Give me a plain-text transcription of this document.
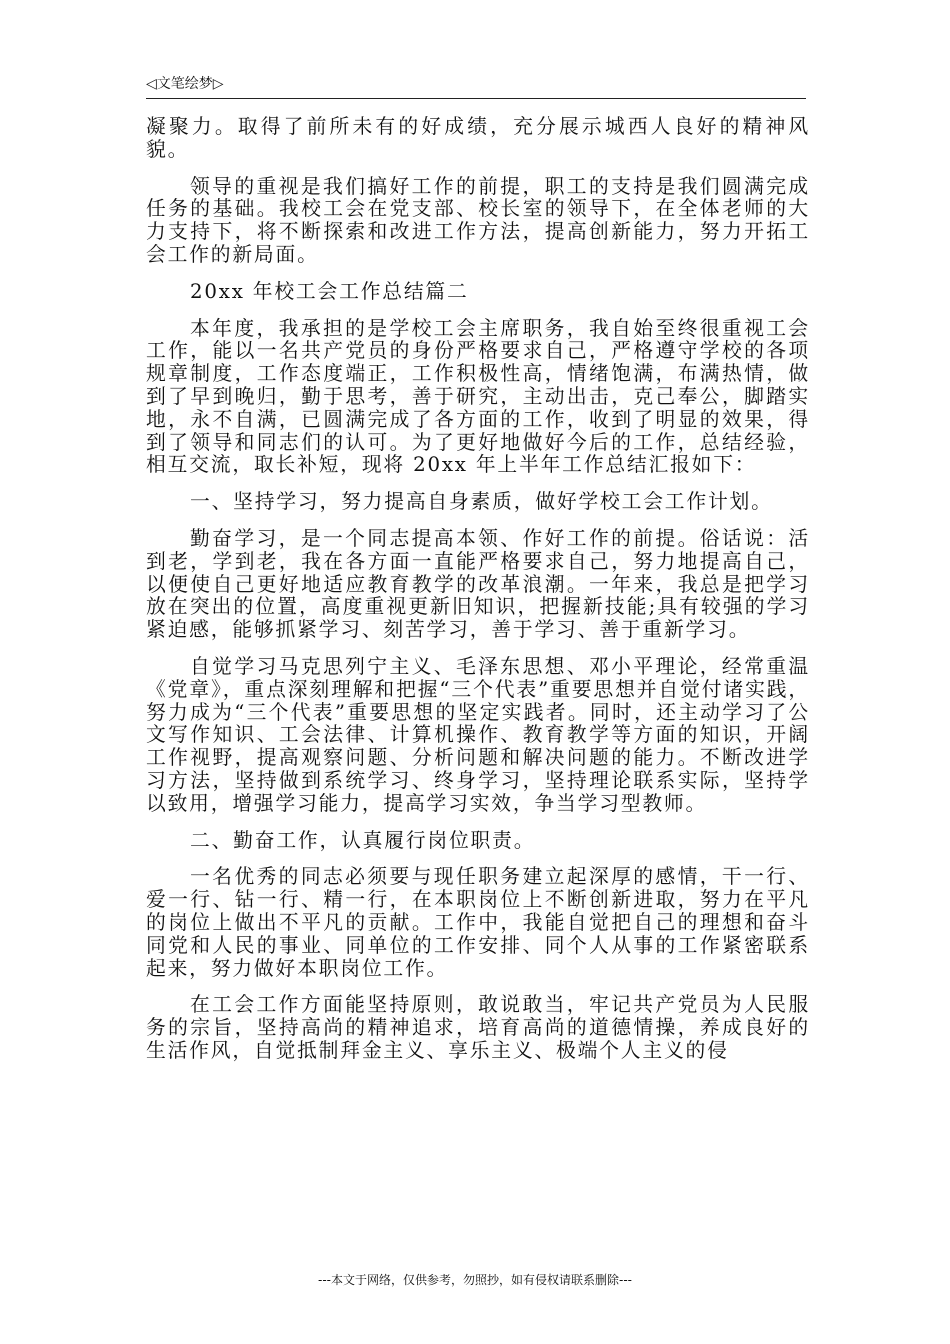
◁文笔绘梦▷

凝聚力。取得了前所未有的好成绩，充分展示城西人良好的精神风貌。

领导的重视是我们搞好工作的前提，职工的支持是我们圆满完成任务的基础。我校工会在党支部、校长室的领导下，在全体老师的大力支持下，将不断探索和改进工作方法，提高创新能力，努力开拓工会工作的新局面。

20xx 年校工会工作总结篇二

本年度，我承担的是学校工会主席职务，我自始至终很重视工会工作，能以一名共产党员的身份严格要求自己，严格遵守学校的各项规章制度，工作态度端正，工作积极性高，情绪饱满，布满热情，做到了早到晚归，勤于思考，善于研究，主动出击，克己奉公，脚踏实地，永不自满，已圆满完成了各方面的工作，收到了明显的效果，得到了领导和同志们的认可。为了更好地做好今后的工作，总结经验，相互交流，取长补短，现将 20xx 年上半年工作总结汇报如下：

一、坚持学习，努力提高自身素质，做好学校工会工作计划。

勤奋学习，是一个同志提高本领、作好工作的前提。俗话说：活到老，学到老，我在各方面一直能严格要求自己，努力地提高自己，以便使自己更好地适应教育教学的改革浪潮。一年来，我总是把学习放在突出的位置，高度重视更新旧知识，把握新技能;具有较强的学习紧迫感，能够抓紧学习、刻苦学习，善于学习、善于重新学习。

自觉学习马克思列宁主义、毛泽东思想、邓小平理论，经常重温《党章》，重点深刻理解和把握“三个代表”重要思想并自觉付诸实践，努力成为“三个代表”重要思想的坚定实践者。同时，还主动学习了公文写作知识、工会法律、计算机操作、教育教学等方面的知识，开阔工作视野，提高观察问题、分析问题和解决问题的能力。不断改进学习方法，坚持做到系统学习、终身学习，坚持理论联系实际，坚持学以致用，增强学习能力，提高学习实效，争当学习型教师。

二、勤奋工作，认真履行岗位职责。

一名优秀的同志必须要与现任职务建立起深厚的感情，干一行、爱一行、钻一行、精一行，在本职岗位上不断创新进取，努力在平凡的岗位上做出不平凡的贡献。工作中，我能自觉把自己的理想和奋斗同党和人民的事业、同单位的工作安排、同个人从事的工作紧密联系起来，努力做好本职岗位工作。

在工会工作方面能坚持原则，敢说敢当，牢记共产党员为人民服务的宗旨，坚持高尚的精神追求，培育高尚的道德情操，养成良好的生活作风，自觉抵制拜金主义、享乐主义、极端个人主义的侵

---本文于网络，仅供参考，勿照抄，如有侵权请联系删除---
